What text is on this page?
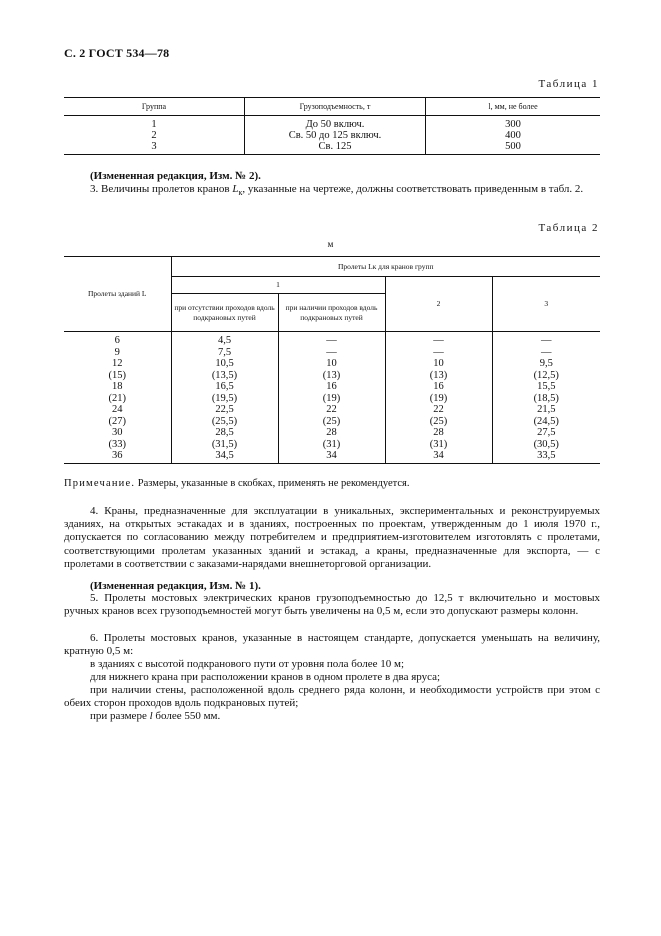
С. 2 ГОСТ 534—78
Таблица 1
Группа	Грузоподъемность, т	l, мм, не более
1	До 50 включ.	300
2	Св. 50 до 125 включ.	400
3	Св. 125	500

(Измененная редакция, Изм. № 2).

3. Величины пролетов кранов $L_к$, указанные на чертеже, должны соответствовать приведенным в табл. 2.

Таблица 2
м
Пролеты зданий L	Пролеты Lк для кранов групп			
	1		2	3
	при отсутствии проходов вдоль подкрановых путей	при наличии проходов вдоль подкрановых путей		
6	4,5	—	—	—
9	7,5	—	—	—
12	10,5	10	10	9,5
(15)	(13,5)	(13)	(13)	(12,5)
18	16,5	16	16	15,5
(21)	(19,5)	(19)	(19)	(18,5)
24	22,5	22	22	21,5
(27)	(25,5)	(25)	(25)	(24,5)
30	28,5	28	28	27,5
(33)	(31,5)	(31)	(31)	(30,5)
36	34,5	34	34	33,5

Примечание. Размеры, указанные в скобках, применять не рекомендуется.

4. Краны, предназначенные для эксплуатации в уникальных, экспериментальных и реконструируемых зданиях, на открытых эстакадах и в зданиях, построенных по проектам, утвержденным до 1 июля 1970 г., допускается по согласованию между потребителем и предприятием-изготовителем изготовлять с пролетами, соответствующими пролетам указанных зданий и эстакад, а краны, предназначенные для экспорта, — с пролетами в соответствии с заказами-нарядами внешнеторговой организации.

(Измененная редакция, Изм. № 1).

5. Пролеты мостовых электрических кранов грузоподъемностью до 12,5 т включительно и мостовых ручных кранов всех грузоподъемностей могут быть увеличены на 0,5 м, если это допускают размеры колонн.

6. Пролеты мостовых кранов, указанные в настоящем стандарте, допускается уменьшать на величину, кратную 0,5 м:

в зданиях с высотой подкранового пути от уровня пола более 10 м;

для нижнего крана при расположении кранов в одном пролете в два яруса;

при наличии стены, расположенной вдоль среднего ряда колонн, и необходимости устройств при этом с обеих сторон проходов вдоль подкрановых путей;

при размере l более 550 мм.
